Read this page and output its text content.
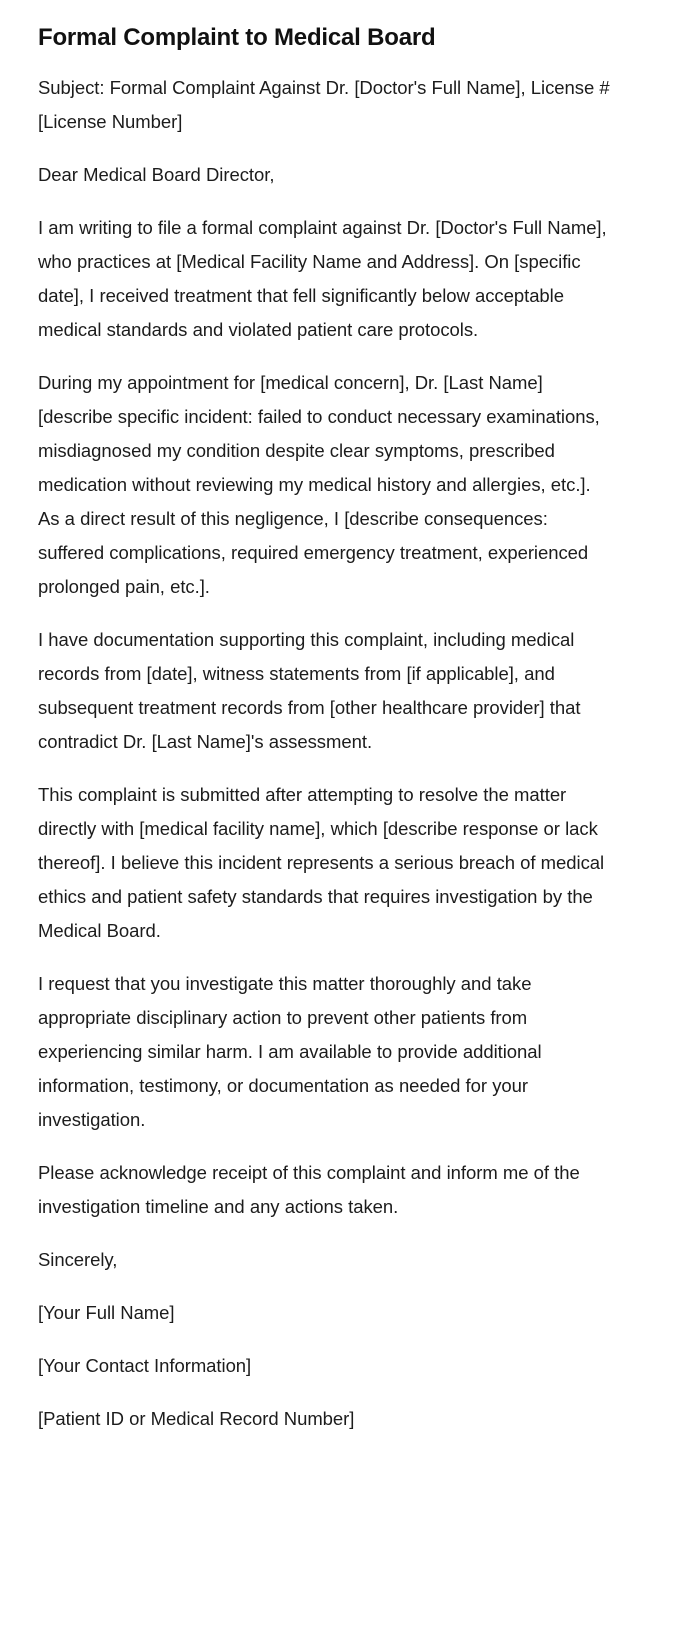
Formal Complaint to Medical Board

Subject: Formal Complaint Against Dr. [Doctor's Full Name], License #[License Number]

Dear Medical Board Director,

I am writing to file a formal complaint against Dr. [Doctor's Full Name], who practices at [Medical Facility Name and Address]. On [specific date], I received treatment that fell significantly below acceptable medical standards and violated patient care protocols.

During my appointment for [medical concern], Dr. [Last Name] [describe specific incident: failed to conduct necessary examinations, misdiagnosed my condition despite clear symptoms, prescribed medication without reviewing my medical history and allergies, etc.]. As a direct result of this negligence, I [describe consequences: suffered complications, required emergency treatment, experienced prolonged pain, etc.].

I have documentation supporting this complaint, including medical records from [date], witness statements from [if applicable], and subsequent treatment records from [other healthcare provider] that contradict Dr. [Last Name]'s assessment.

This complaint is submitted after attempting to resolve the matter directly with [medical facility name], which [describe response or lack thereof]. I believe this incident represents a serious breach of medical ethics and patient safety standards that requires investigation by the Medical Board.

I request that you investigate this matter thoroughly and take appropriate disciplinary action to prevent other patients from experiencing similar harm. I am available to provide additional information, testimony, or documentation as needed for your investigation.

Please acknowledge receipt of this complaint and inform me of the investigation timeline and any actions taken.

Sincerely,

[Your Full Name]

[Your Contact Information]

[Patient ID or Medical Record Number]
